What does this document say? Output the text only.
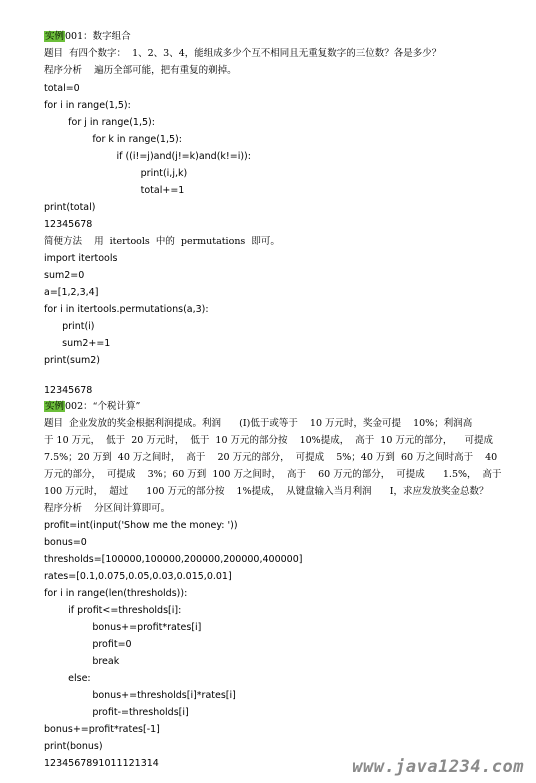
实例001：数字组合
题目  有四个数字：  1、2、3、4，能组成多少个互不相同且无重复数字的三位数？各是多少？
程序分析    遍历全部可能，把有重复的剃掉。
total=0
for i in range(1,5):
for j in range(1,5):
for k in range(1,5):
if ((i!=j)and(j!=k)and(k!=i)):
print(i,j,k)
total+=1
print(total)
12345678
简便方法    用  itertools  中的  permutations  即可。
import itertools
sum2=0
a=[1,2,3,4]
for i in itertools.permutations(a,3):
print(i)
sum2+=1
print(sum2)
12345678
实例002：“个税计算”
题目  企业发放的奖金根据利润提成。利润      (I)低于或等于    10 万元时，奖金可提    10%；利润高
于 10 万元，  低于  20 万元时，  低于  10 万元的部分按    10%提成，  高于  10 万元的部分，    可提成
7.5%；20 万到  40 万之间时，  高于    20 万元的部分，  可提成    5%；40 万到  60 万之间时高于    40
万元的部分，  可提成    3%；60 万到  100 万之间时，  高于    60 万元的部分，  可提成      1.5%，  高于
100 万元时，  超过      100 万元的部分按    1%提成，  从键盘输入当月利润      I，求应发放奖金总数？
程序分析    分区间计算即可。
profit=int(input('Show me the money: '))
bonus=0
thresholds=[100000,100000,200000,200000,400000]
rates=[0.1,0.075,0.05,0.03,0.015,0.01]
for i in range(len(thresholds)):
if profit<=thresholds[i]:
bonus+=profit*rates[i]
profit=0
break
else:
bonus+=thresholds[i]*rates[i]
profit-=thresholds[i]
bonus+=profit*rates[-1]
print(bonus)
1234567891011121314	www.java1234.com
